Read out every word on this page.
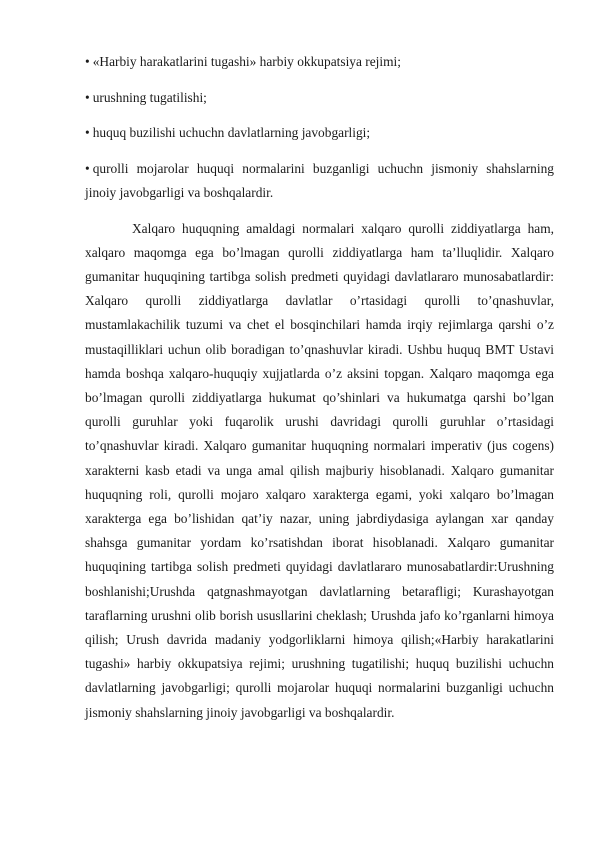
• «Harbiy harakatlarini tugashi» harbiy okkupatsiya rejimi;
• urushning tugatilishi;
• huquq buzilishi uchuchn davlatlarning javobgarligi;
• qurolli mojarolar huquqi normalarini buzganligi uchuchn jismoniy shahslarning jinoiy javobgarligi va boshqalardir.

Xalqaro huquqning amaldagi normalari xalqaro qurolli ziddiyatlarga ham, xalqaro maqomga ega bo’lmagan qurolli ziddiyatlarga ham ta’lluqlidir. Xalqaro gumanitar huquqining tartibga solish predmeti quyidagi davlatlararo munosabatlardir: Xalqaro qurolli ziddiyatlarga davlatlar o’rtasidagi qurolli to’qnashuvlar, mustamlakachilik tuzumi va chet el bosqinchilari hamda irqiy rejimlarga qarshi o’z mustaqilliklari uchun olib boradigan to’qnashuvlar kiradi. Ushbu huquq BMT Ustavi hamda boshqa xalqaro-huquqiy xujjatlarda o’z aksini topgan. Xalqaro maqomga ega bo’lmagan qurolli ziddiyatlarga hukumat qo’shinlari va hukumatga qarshi bo’lgan qurolli guruhlar yoki fuqarolik urushi davridagi qurolli guruhlar o’rtasidagi to’qnashuvlar kiradi. Xalqaro gumanitar huquqning normalari imperativ (jus cogens) xarakterni kasb etadi va unga amal qilish majburiy hisoblanadi. Xalqaro gumanitar huquqning roli, qurolli mojaro xalqaro xarakterga egami, yoki xalqaro bo’lmagan xarakterga ega bo’lishidan qat’iy nazar, uning jabrdiydasiga aylangan xar qanday shahsga gumanitar yordam ko’rsatishdan iborat hisoblanadi. Xalqaro gumanitar huquqining tartibga solish predmeti quyidagi davlatlararo munosabatlardir:Urushning boshlanishi;Urushda qatgnashmayotgan davlatlarning betarafligi; Kurashayotgan taraflarning urushni olib borish ususllarini cheklash; Urushda jafo ko’rganlarni himoya qilish; Urush davrida madaniy yodgorliklarni himoya qilish;«Harbiy harakatlarini tugashi» harbiy okkupatsiya rejimi; urushning tugatilishi; huquq buzilishi uchuchn davlatlarning javobgarligi; qurolli mojarolar huquqi normalarini buzganligi uchuchn jismoniy shahslarning jinoiy javobgarligi va boshqalardir.
